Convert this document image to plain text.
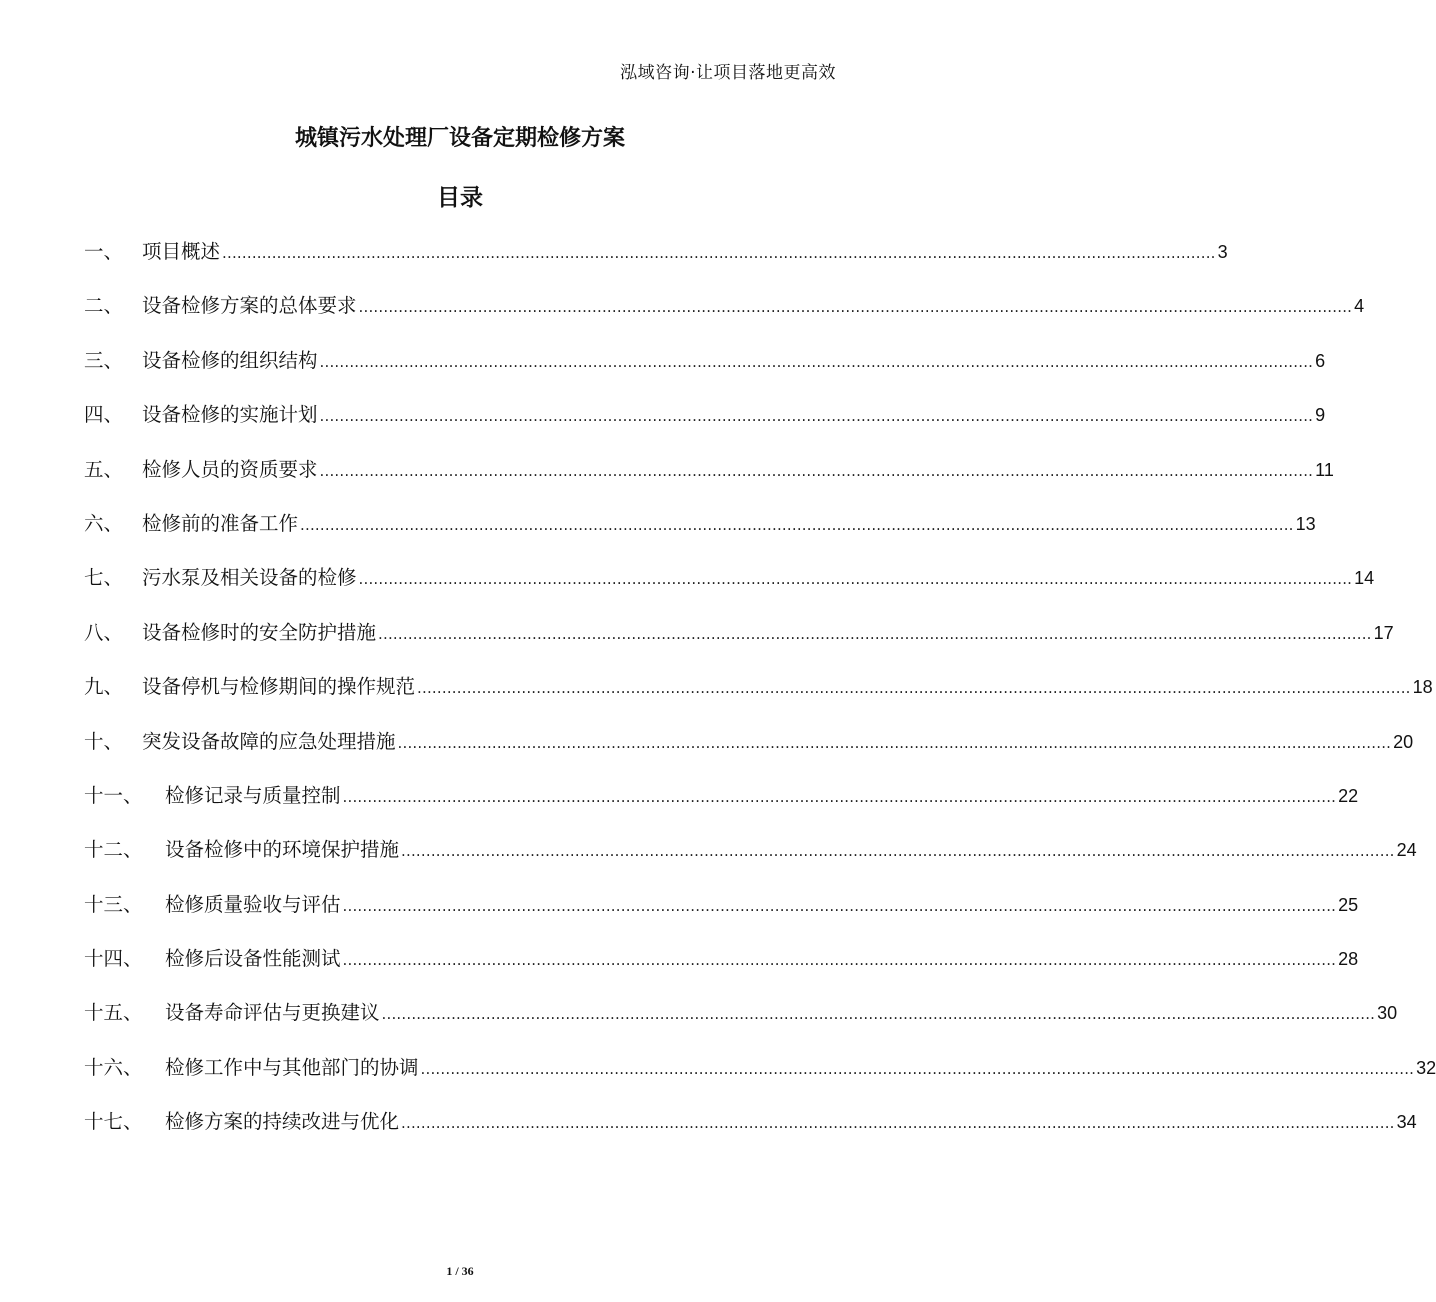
泓域咨询·让项目落地更高效
城镇污水处理厂设备定期检修方案
目录
一、 项目概述 ........................................................................................................................................................................................................ 3
二、 设备检修方案的总体要求 ........................................................................................................................................................................................................ 4
三、 设备检修的组织结构 ........................................................................................................................................................................................................ 6
四、 设备检修的实施计划 ........................................................................................................................................................................................................ 9
五、 检修人员的资质要求 ........................................................................................................................................................................................................ 11
六、 检修前的准备工作 ........................................................................................................................................................................................................ 13
七、 污水泵及相关设备的检修 ........................................................................................................................................................................................................ 14
八、 设备检修时的安全防护措施 ........................................................................................................................................................................................................ 17
九、 设备停机与检修期间的操作规范 ........................................................................................................................................................................................................ 18
十、 突发设备故障的应急处理措施 ........................................................................................................................................................................................................ 20
十一、	检修记录与质量控制 ........................................................................................................................................................................................................ 22
十二、	设备检修中的环境保护措施 ........................................................................................................................................................................................................ 24
十三、	检修质量验收与评估 ........................................................................................................................................................................................................ 25
十四、	检修后设备性能测试 ........................................................................................................................................................................................................ 28
十五、	设备寿命评估与更换建议 ........................................................................................................................................................................................................ 30
十六、	检修工作中与其他部门的协调 ........................................................................................................................................................................................................ 32
十七、	检修方案的持续改进与优化 ........................................................................................................................................................................................................ 34
1 / 36
